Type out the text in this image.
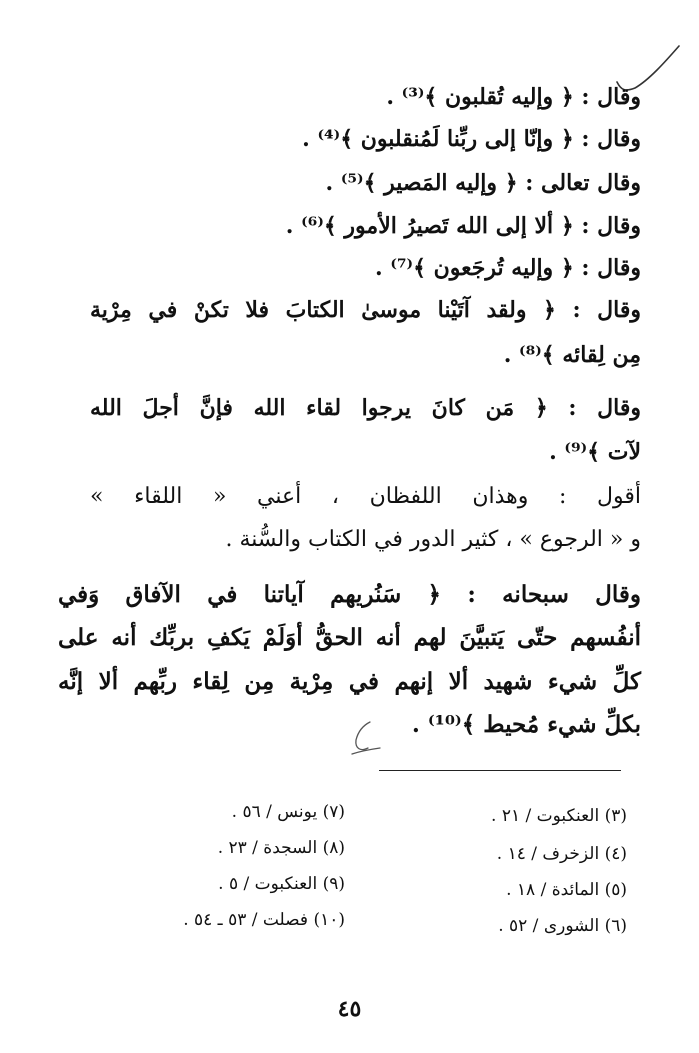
وقال : ﴿ وإليه تُقلبون ﴾⁽³⁾ .
وقال : ﴿ وإنّا إلى ربِّنا لَمُنقلبون ﴾⁽⁴⁾ .
وقال تعالى : ﴿ وإليه المَصير ﴾⁽⁵⁾ .
وقال : ﴿ ألا إلى الله تَصيرُ الأمور ﴾⁽⁶⁾ .
وقال : ﴿ وإليه تُرجَعون ﴾⁽⁷⁾ .
وقال : ﴿ ولقد آتَيْنا موسىٰ الكتابَ فلا تكنْ في مِرْية
مِن لِقائه ﴾⁽⁸⁾ .
وقال : ﴿ مَن كانَ يرجوا لقاء الله فإنَّ أجلَ الله
لآت ﴾⁽⁹⁾ .
أقول : وهذان اللفظان ، أعني « اللقاء »
و « الرجوع » ، كثير الدور في الكتاب والسُّنة .
وقال سبحانه : ﴿ سَنُريهم آياتنا في الآفاق وَفي
أنفُسهم حتّى يَتبيَّنَ لهم أنه الحقُّ أوَلَمْ يَكفِ بربِّك أنه على
كلِّ شيء شهيد ألا إنهم في مِرْية مِن لِقاء ربِّهم ألا إنَّه
بكلِّ شيء مُحيط ﴾⁽¹⁰⁾ .
(٣) العنكبوت / ٢١ .
(٤) الزخرف / ١٤ .
(٥) المائدة / ١٨ .
(٦) الشورى / ٥٢ .
(٧) يونس / ٥٦ .
(٨) السجدة / ٢٣ .
(٩) العنكبوت / ٥ .
(١٠) فصلت / ٥٣ ـ ٥٤ .
٤٥
